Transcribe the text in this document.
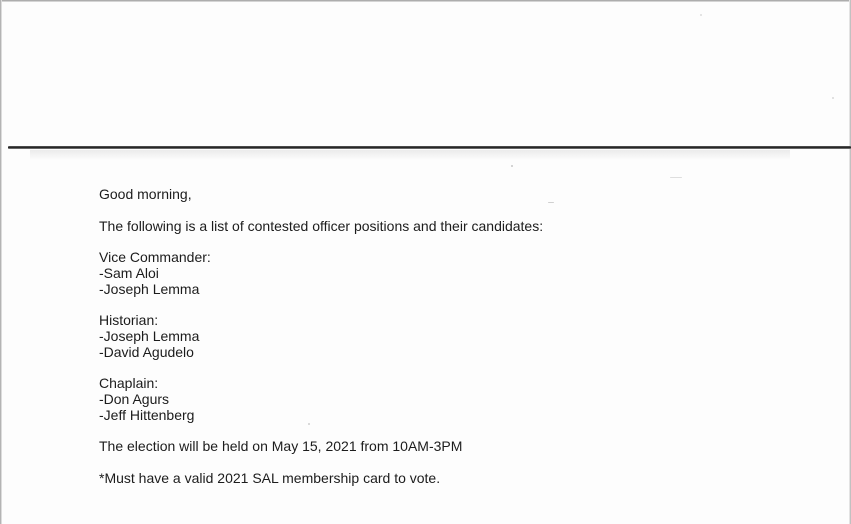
Good morning,

The following is a list of contested officer positions and their candidates:

Vice Commander:
-Sam Aloi
-Joseph Lemma
Historian:
-Joseph Lemma
-David Agudelo
Chaplain:
-Don Agurs
-Jeff Hittenberg

The election will be held on May 15, 2021 from 10AM-3PM

*Must have a valid 2021 SAL membership card to vote.
